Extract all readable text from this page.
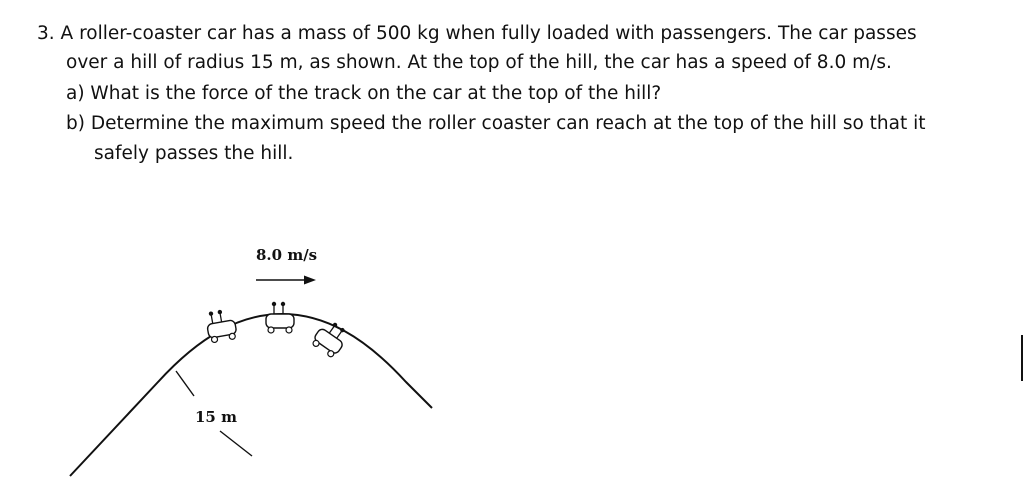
3. A roller-coaster car has a mass of 500 kg when fully loaded with passengers. The car passes
over a hill of radius 15 m, as shown. At the top of the hill, the car has a speed of 8.0 m/s.
a) What is the force of the track on the car at the top of the hill?
b) Determine the maximum speed the roller coaster can reach at the top of the hill so that it
safely passes the hill.
8.0 m/s
15 m
